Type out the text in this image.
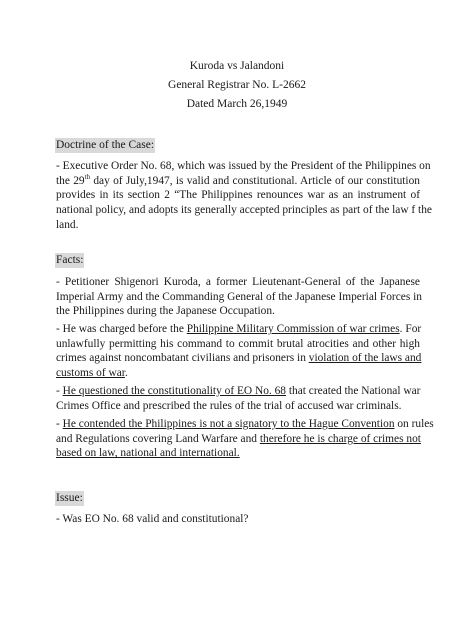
Kuroda vs Jalandoni
General Registrar No. L-2662
Dated March 26,1949
Doctrine of the Case:
- Executive Order No. 68, which was issued by the President of the Philippines on
the 29th day of July,1947, is valid and constitutional. Article of our constitution
provides in its section 2 “The Philippines renounces war as an instrument of
national policy, and adopts its generally accepted principles as part of the law f the
land.
Facts:
- Petitioner Shigenori Kuroda, a former Lieutenant-General of the Japanese
Imperial Army and the Commanding General of the Japanese Imperial Forces in
the Philippines during the Japanese Occupation.
- He was charged before the Philippine Military Commission of war crimes. For
unlawfully permitting his command to commit brutal atrocities and other high
crimes against noncombatant civilians and prisoners in violation of the laws and
customs of war.
- He questioned the constitutionality of EO No. 68 that created the National war
Crimes Office and prescribed the rules of the trial of accused war criminals.
- He contended the Philippines is not a signatory to the Hague Convention on rules
and Regulations covering Land Warfare and therefore he is charge of crimes not
based on law, national and international.
Issue:
- Was EO No. 68 valid and constitutional?
